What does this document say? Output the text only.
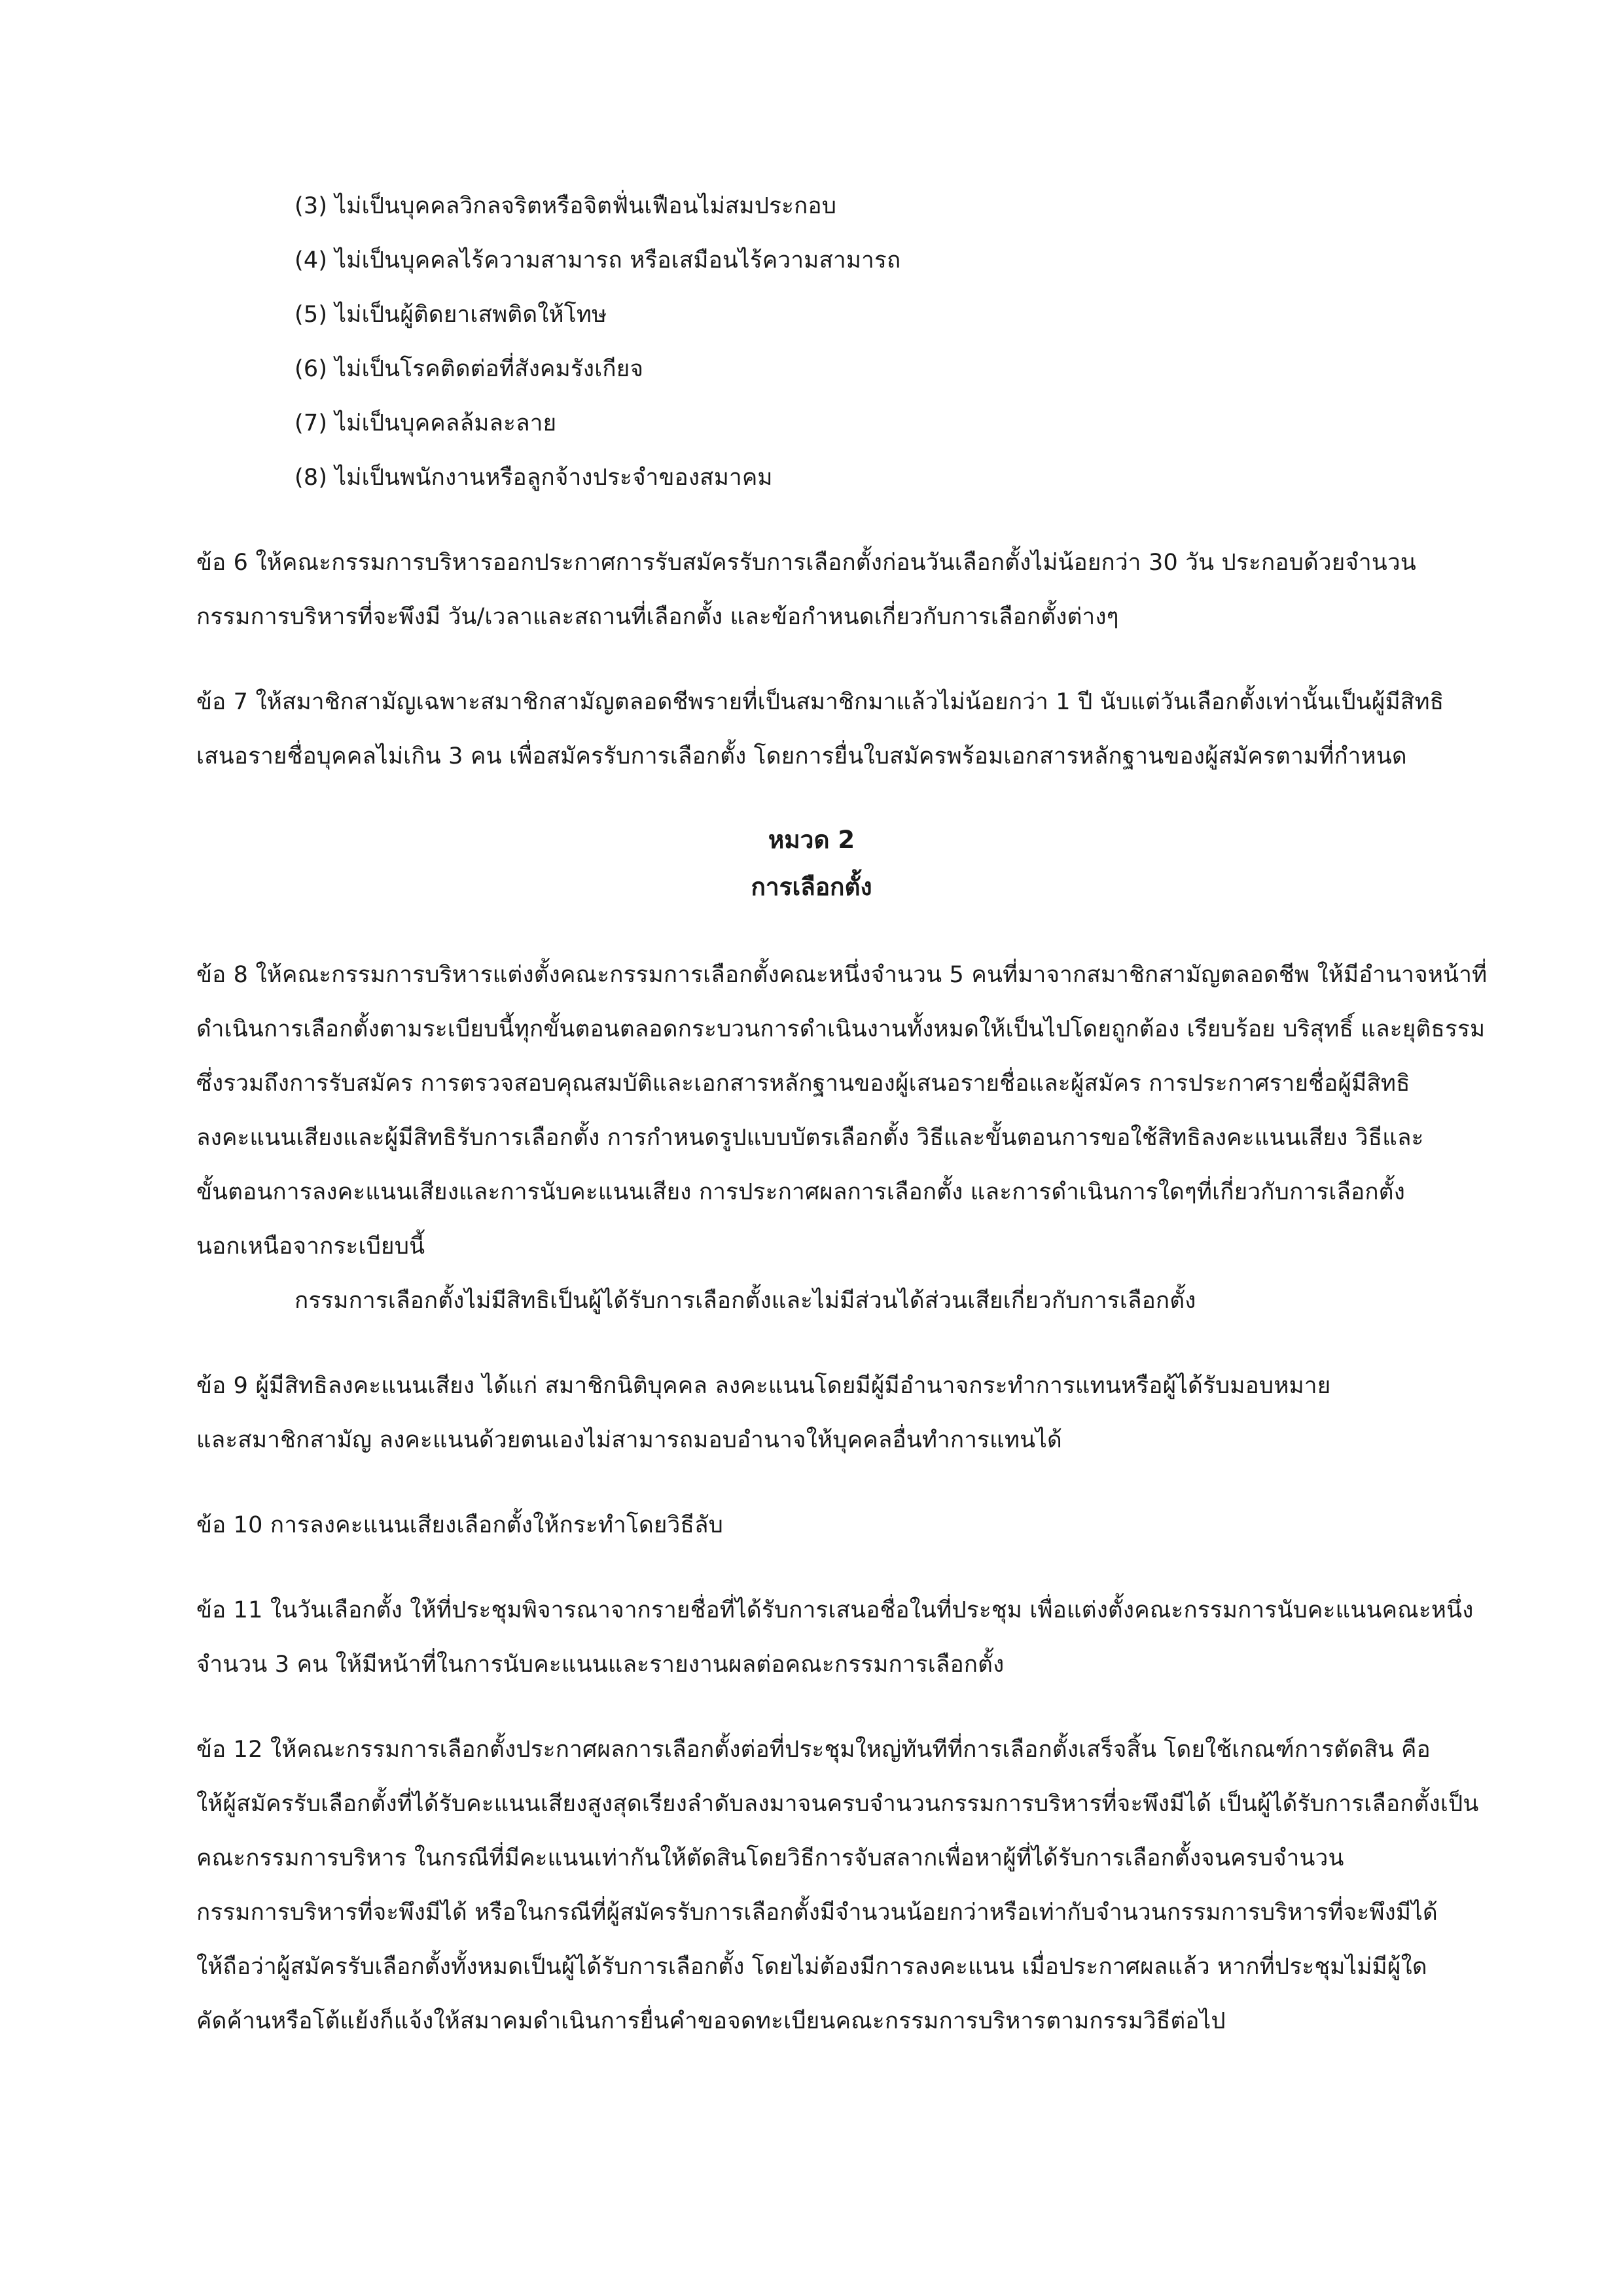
(3) ไม่เป็นบุคคลวิกลจริตหรือจิตฟั่นเฟือนไม่สมประกอบ
(4) ไม่เป็นบุคคลไร้ความสามารถ หรือเสมือนไร้ความสามารถ
(5) ไม่เป็นผู้ติดยาเสพติดให้โทษ
(6) ไม่เป็นโรคติดต่อที่สังคมรังเกียจ
(7) ไม่เป็นบุคคลล้มละลาย
(8) ไม่เป็นพนักงานหรือลูกจ้างประจำของสมาคม
ข้อ 6 ให้คณะกรรมการบริหารออกประกาศการรับสมัครรับการเลือกตั้งก่อนวันเลือกตั้งไม่น้อยกว่า 30 วัน ประกอบด้วยจำนวน
กรรมการบริหารที่จะพึงมี วัน/เวลาและสถานที่เลือกตั้ง และข้อกำหนดเกี่ยวกับการเลือกตั้งต่างๆ
ข้อ 7 ให้สมาชิกสามัญเฉพาะสมาชิกสามัญตลอดชีพรายที่เป็นสมาชิกมาแล้วไม่น้อยกว่า 1 ปี นับแต่วันเลือกตั้งเท่านั้นเป็นผู้มีสิทธิ
เสนอรายชื่อบุคคลไม่เกิน 3 คน เพื่อสมัครรับการเลือกตั้ง โดยการยื่นใบสมัครพร้อมเอกสารหลักฐานของผู้สมัครตามที่กำหนด
หมวด 2
การเลือกตั้ง
ข้อ 8 ให้คณะกรรมการบริหารแต่งตั้งคณะกรรมการเลือกตั้งคณะหนึ่งจำนวน 5 คนที่มาจากสมาชิกสามัญตลอดชีพ ให้มีอำนาจหน้าที่
ดำเนินการเลือกตั้งตามระเบียบนี้ทุกขั้นตอนตลอดกระบวนการดำเนินงานทั้งหมดให้เป็นไปโดยถูกต้อง เรียบร้อย บริสุทธิ์ และยุติธรรม
ซึ่งรวมถึงการรับสมัคร การตรวจสอบคุณสมบัติและเอกสารหลักฐานของผู้เสนอรายชื่อและผู้สมัคร การประกาศรายชื่อผู้มีสิทธิ
ลงคะแนนเสียงและผู้มีสิทธิรับการเลือกตั้ง การกำหนดรูปแบบบัตรเลือกตั้ง วิธีและขั้นตอนการขอใช้สิทธิลงคะแนนเสียง วิธีและ
ขั้นตอนการลงคะแนนเสียงและการนับคะแนนเสียง การประกาศผลการเลือกตั้ง และการดำเนินการใดๆที่เกี่ยวกับการเลือกตั้ง
นอกเหนือจากระเบียบนี้
กรรมการเลือกตั้งไม่มีสิทธิเป็นผู้ได้รับการเลือกตั้งและไม่มีส่วนได้ส่วนเสียเกี่ยวกับการเลือกตั้ง
ข้อ 9 ผู้มีสิทธิลงคะแนนเสียง ได้แก่ สมาชิกนิติบุคคล ลงคะแนนโดยมีผู้มีอำนาจกระทำการแทนหรือผู้ได้รับมอบหมาย
และสมาชิกสามัญ ลงคะแนนด้วยตนเองไม่สามารถมอบอำนาจให้บุคคลอื่นทำการแทนได้
ข้อ 10 การลงคะแนนเสียงเลือกตั้งให้กระทำโดยวิธีลับ
ข้อ 11 ในวันเลือกตั้ง ให้ที่ประชุมพิจารณาจากรายชื่อที่ได้รับการเสนอชื่อในที่ประชุม เพื่อแต่งตั้งคณะกรรมการนับคะแนนคณะหนึ่ง
จำนวน 3 คน ให้มีหน้าที่ในการนับคะแนนและรายงานผลต่อคณะกรรมการเลือกตั้ง
ข้อ 12 ให้คณะกรรมการเลือกตั้งประกาศผลการเลือกตั้งต่อที่ประชุมใหญ่ทันทีที่การเลือกตั้งเสร็จสิ้น โดยใช้เกณฑ์การตัดสิน คือ
ให้ผู้สมัครรับเลือกตั้งที่ได้รับคะแนนเสียงสูงสุดเรียงลำดับลงมาจนครบจำนวนกรรมการบริหารที่จะพึงมีได้ เป็นผู้ได้รับการเลือกตั้งเป็น
คณะกรรมการบริหาร ในกรณีที่มีคะแนนเท่ากันให้ตัดสินโดยวิธีการจับสลากเพื่อหาผู้ที่ได้รับการเลือกตั้งจนครบจำนวน
กรรมการบริหารที่จะพึงมีได้ หรือในกรณีที่ผู้สมัครรับการเลือกตั้งมีจำนวนน้อยกว่าหรือเท่ากับจำนวนกรรมการบริหารที่จะพึงมีได้
ให้ถือว่าผู้สมัครรับเลือกตั้งทั้งหมดเป็นผู้ได้รับการเลือกตั้ง โดยไม่ต้องมีการลงคะแนน เมื่อประกาศผลแล้ว หากที่ประชุมไม่มีผู้ใด
คัดค้านหรือโต้แย้งก็แจ้งให้สมาคมดำเนินการยื่นคำขอจดทะเบียนคณะกรรมการบริหารตามกรรมวิธีต่อไป
